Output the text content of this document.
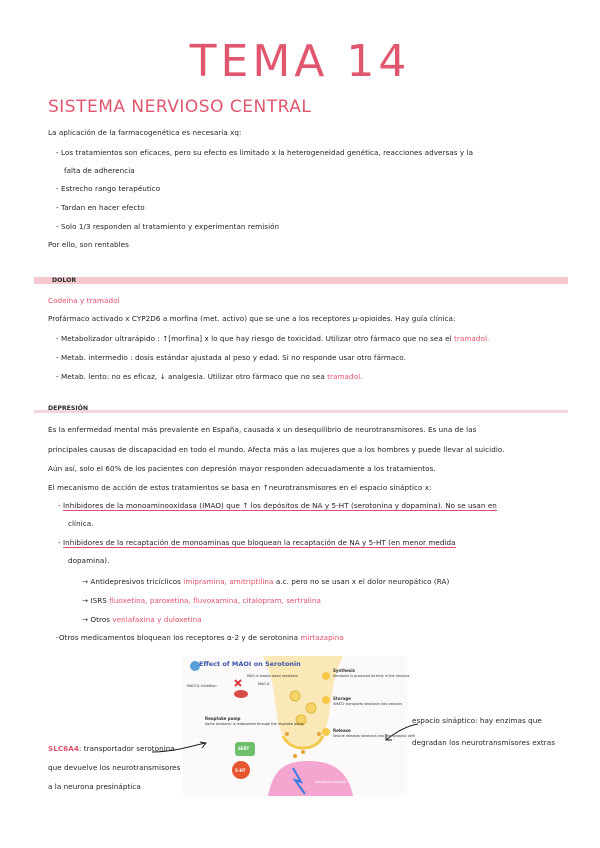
TEMA 14
SISTEMA NERVIOSO CENTRAL
La aplicación de la farmacogenética es necesaria xq:
- Los tratamientos son eficaces, pero su efecto es limitado x la heterogeneidad genética, reacciones adversas y la
falta de adherencia
- Estrecho rango terapéutico
- Tardan en hacer efecto
- Solo 1/3 responden al tratamiento y experimentan remisión
Por ello, son rentables
DOLOR
Codeína y tramadol
Profármaco activado x CYP2D6 a morfina (met. activo) que se une a los receptores µ-opioides. Hay guía clínica:
- Metabolizador ultrarápido : ↑[morfina] x lo que hay riesgo de toxicidad. Utilizar otro fármaco que no sea el tramadol.
- Metab. intermedio : dosis estándar ajustada al peso y edad. Si no responde usar otro fármaco.
- Metab. lento: no es eficaz, ↓ analgesia. Utilizar otro fármaco que no sea tramadol.
DEPRESIÓN
Es la enfermedad mental más prevalente en España, causada x un desequilibrio de neurotransmisores. Es una de las
principales causas de discapacidad en todo el mundo. Afecta más a las mujeres que a los hombres y puede llevar al suicidio.
Aún así, solo el 60% de los pacientes con depresión mayor responden adecuadamente a los tratamientos.
El mecanismo de acción de estos tratamientos se basa en ↑neurotransmisores en el espacio sináptico x:
- Inhibidores de la monoaminooxidasa (IMAO) que ↑ los depósitos de NA y 5-HT (serotonina y dopamina). No se usan en
clínica.
- Inhibidores de la recaptación de monoaminas que bloquean la recaptación de NA y 5-HT (en menor medida
dopamina).
→ Antidepresivos tricíclicos imipramina, amitriptilina a.c. pero no se usan x el dolor neuropático (RA)
→ ISRS fluoxetina, paroxetina, fluvoxamina, citalopram, sertralina
→ Otros venlafaxina y duloxetina
-Otros medicamentos bloquean los receptores α-2 y de serotonina mirtazapina
Effect of MAOI on Serotonin
MAOI & Inhibition
MAO-A breaks down serotonin
Reuptake pump
Some serotonin is reabsorbed through the reuptake pump
Synthesis
Serotonin is produced directly in the neurons
Storage
VMAT2 transports serotonin into vesicles
Release
Vesicle releases serotonin into the synaptic cleft
MAO-A
SERT
5-HT
Serotonin receptor
SLC6A4: transportador serotonina
que devuelve los neurotransmisores
a la neurona presináptica
espacio sináptico: hay enzimas que
degradan los neurotransmisores extras
